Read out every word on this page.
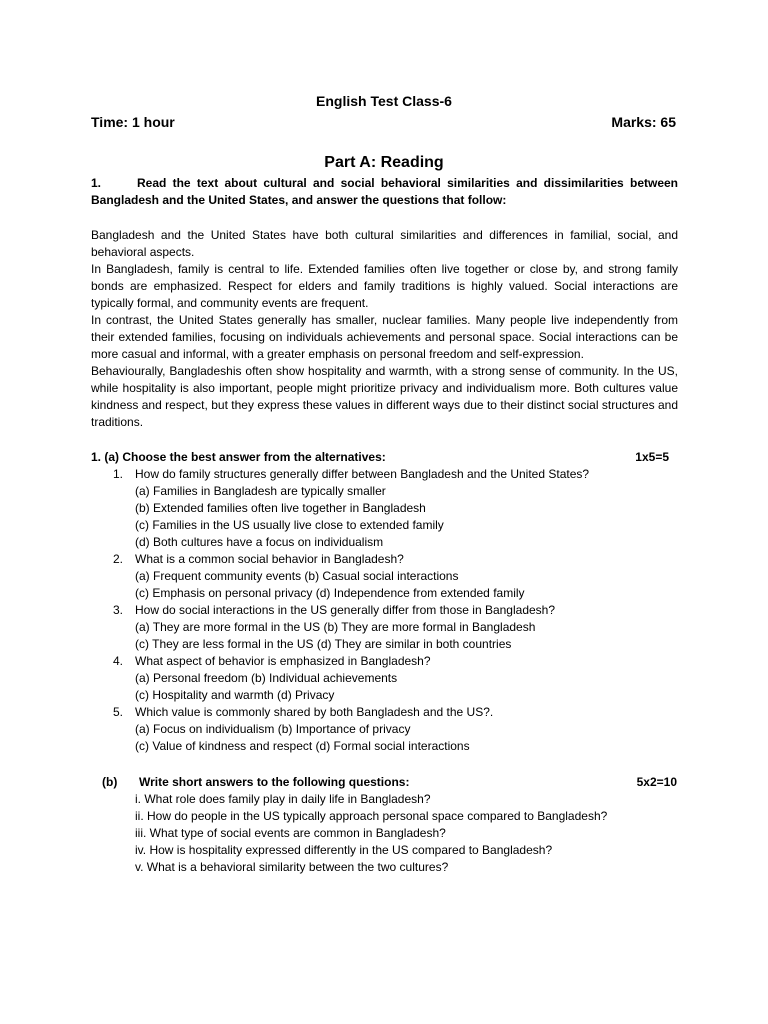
English Test Class-6
Time: 1 hour	Marks: 65
Part A: Reading
1.	Read the text about cultural and social behavioral similarities and dissimilarities between Bangladesh and the United States, and answer the questions that follow:

Bangladesh and the United States have both cultural similarities and differences in familial, social, and behavioral aspects.

In Bangladesh, family is central to life. Extended families often live together or close by, and strong family bonds are emphasized. Respect for elders and family traditions is highly valued. Social interactions are typically formal, and community events are frequent.

In contrast, the United States generally has smaller, nuclear families. Many people live independently from their extended families, focusing on individuals achievements and personal space. Social interactions can be more casual and informal, with a greater emphasis on personal freedom and self-expression.

Behaviourally, Bangladeshis often show hospitality and warmth, with a strong sense of community. In the US, while hospitality is also important, people might prioritize privacy and individualism more. Both cultures value kindness and respect, but they express these values in different ways due to their distinct social structures and traditions.

1. (a) Choose the best answer from the alternatives:	1x5=5
1. How do family structures generally differ between Bangladesh and the United States?
(a) Families in Bangladesh are typically smaller
(b) Extended families often live together in Bangladesh
(c) Families in the US usually live close to extended family
(d) Both cultures have a focus on individualism
2. What is a common social behavior in Bangladesh?
(a) Frequent community events (b) Casual social interactions
(c) Emphasis on personal privacy (d) Independence from extended family
3. How do social interactions in the US generally differ from those in Bangladesh?
(a) They are more formal in the US (b) They are more formal in Bangladesh
(c) They are less formal in the US (d) They are similar in both countries
4. What aspect of behavior is emphasized in Bangladesh?
(a) Personal freedom (b) Individual achievements
(c) Hospitality and warmth (d) Privacy
5. Which value is commonly shared by both Bangladesh and the US?.
(a) Focus on individualism (b) Importance of privacy
(c) Value of kindness and respect (d) Formal social interactions
(b) Write short answers to the following questions:	5x2=10
i. What role does family play in daily life in Bangladesh?
ii. How do people in the US typically approach personal space compared to Bangladesh?
iii. What type of social events are common in Bangladesh?
iv. How is hospitality expressed differently in the US compared to Bangladesh?
v. What is a behavioral similarity between the two cultures?
